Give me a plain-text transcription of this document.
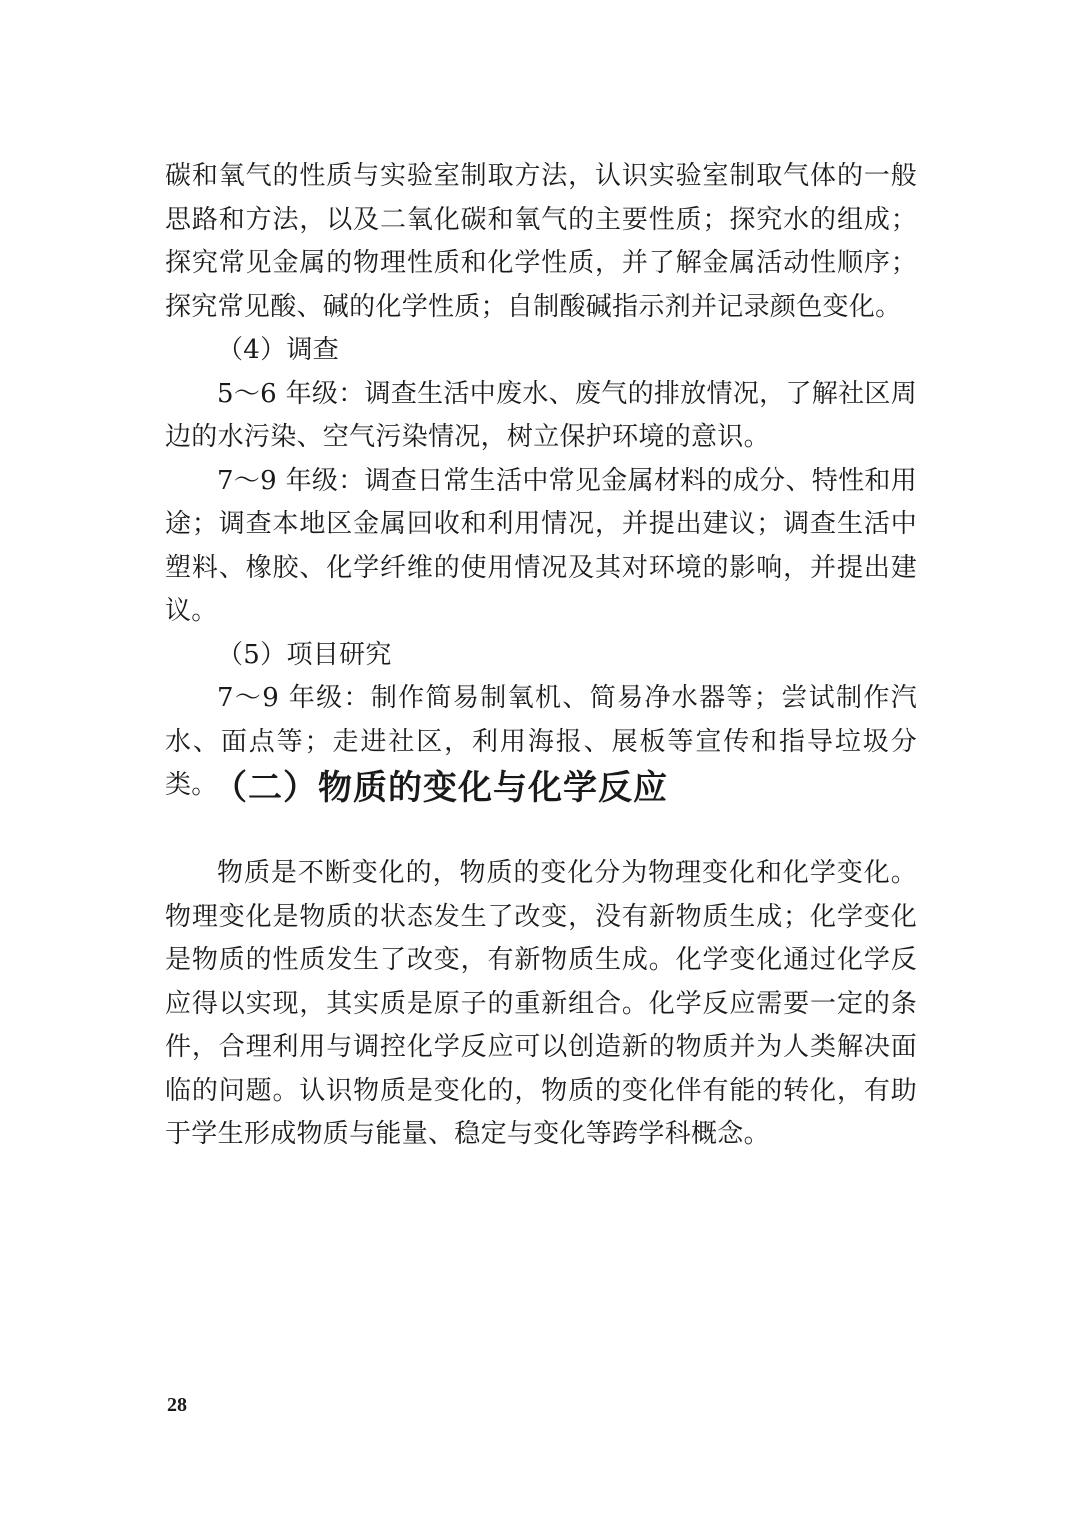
碳和氧气的性质与实验室制取方法，认识实验室制取气体的一般思路和方法，以及二氧化碳和氧气的主要性质；探究水的组成；探究常见金属的物理性质和化学性质，并了解金属活动性顺序；探究常见酸、碱的化学性质；自制酸碱指示剂并记录颜色变化。

（4）调查

5～6 年级：调查生活中废水、废气的排放情况，了解社区周边的水污染、空气污染情况，树立保护环境的意识。

7～9 年级：调查日常生活中常见金属材料的成分、特性和用途；调查本地区金属回收和利用情况，并提出建议；调查生活中塑料、橡胶、化学纤维的使用情况及其对环境的影响，并提出建议。

（5）项目研究

7～9 年级：制作简易制氧机、简易净水器等；尝试制作汽水、面点等；走进社区，利用海报、展板等宣传和指导垃圾分类。

（二）物质的变化与化学反应

物质是不断变化的，物质的变化分为物理变化和化学变化。物理变化是物质的状态发生了改变，没有新物质生成；化学变化是物质的性质发生了改变，有新物质生成。化学变化通过化学反应得以实现，其实质是原子的重新组合。化学反应需要一定的条件，合理利用与调控化学反应可以创造新的物质并为人类解决面临的问题。认识物质是变化的，物质的变化伴有能的转化，有助于学生形成物质与能量、稳定与变化等跨学科概念。

28
